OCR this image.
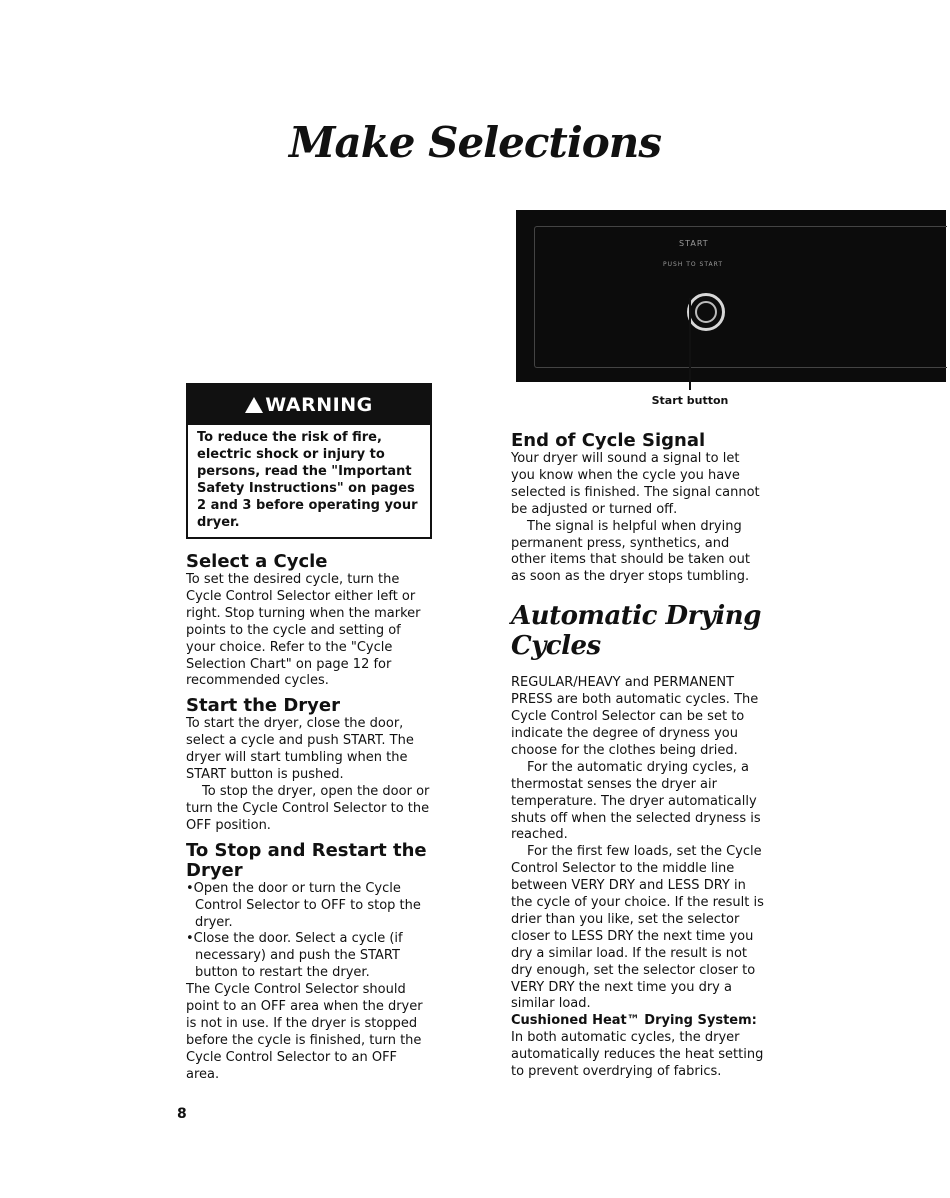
Make Selections
START
PUSH TO START
Start button
WARNING
To reduce the risk of fire, electric shock or injury to persons, read the "Important Safety Instructions" on pages 2 and 3 before operating your dryer.
Select a Cycle

To set the desired cycle, turn the Cycle Control Selector either left or right. Stop turning when the marker points to the cycle and setting of your choice. Refer to the "Cycle Selection Chart" on page 12 for recommended cycles.

Start the Dryer

To start the dryer, close the door, select a cycle and push START. The dryer will start tumbling when the START button is pushed.

To stop the dryer, open the door or turn the Cycle Control Selector to the OFF position.

To Stop and Restart the Dryer

•Open the door or turn the Cycle Control Selector to OFF to stop the dryer.

•Close the door. Select a cycle (if necessary) and push the START button to restart the dryer.

The Cycle Control Selector should point to an OFF area when the dryer is not in use. If the dryer is stopped before the cycle is finished, turn the Cycle Control Selector to an OFF area.

End of Cycle Signal

Your dryer will sound a signal to let you know when the cycle you have selected is finished. The signal cannot be adjusted or turned off.

The signal is helpful when drying permanent press, synthetics, and other items that should be taken out as soon as the dryer stops tumbling.

Automatic Drying Cycles

REGULAR/HEAVY and PERMANENT PRESS are both automatic cycles. The Cycle Control Selector can be set to indicate the degree of dryness you choose for the clothes being dried.

For the automatic drying cycles, a thermostat senses the dryer air temperature. The dryer automatically shuts off when the selected dryness is reached.

For the first few loads, set the Cycle Control Selector to the middle line between VERY DRY and LESS DRY in the cycle of your choice. If the result is drier than you like, set the selector closer to LESS DRY the next time you dry a similar load. If the result is not dry enough, set the selector closer to VERY DRY the next time you dry a similar load.

Cushioned Heat™ Drying System:

In both automatic cycles, the dryer automatically reduces the heat setting to prevent overdrying of fabrics.

8
